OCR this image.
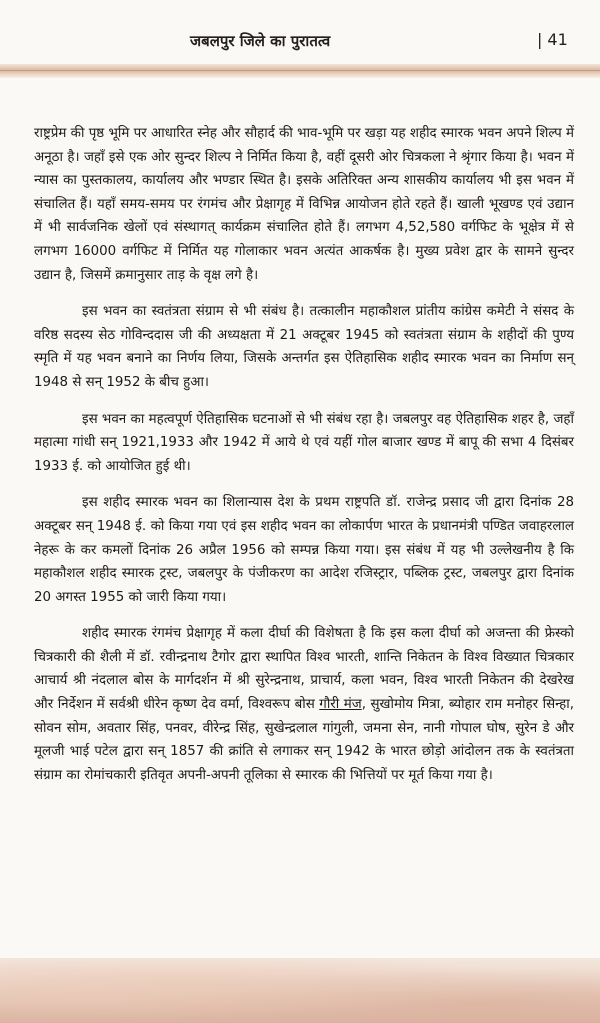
जबलपुर जिले का पुरातत्व	| 41

राष्ट्रप्रेम की पृष्ठ भूमि पर आधारित स्नेह और सौहार्द की भाव-भूमि पर खड़ा यह शहीद स्मारक भवन अपने शिल्प में अनूठा है। जहाँ इसे एक ओर सुन्दर शिल्प ने निर्मित किया है, वहीं दूसरी ओर चित्रकला ने श्रृंगार किया है। भवन में न्यास का पुस्तकालय, कार्यालय और भण्डार स्थित है। इसके अतिरिक्त अन्य शासकीय कार्यालय भी इस भवन में संचालित हैं। यहाँ समय-समय पर रंगमंच और प्रेक्षागृह में विभिन्न आयोजन होते रहते हैं। खाली भूखण्ड एवं उद्यान में भी सार्वजनिक खेलों एवं संस्थागत् कार्यक्रम संचालित होते हैं। लगभग 4,52,580 वर्गफिट के भूक्षेत्र में से लगभग 16000 वर्गफिट में निर्मित यह गोलाकार भवन अत्यंत आकर्षक है। मुख्य प्रवेश द्वार के सामने सुन्दर उद्यान है, जिसमें क्रमानुसार ताड़ के वृक्ष लगे है।

इस भवन का स्वतंत्रता संग्राम से भी संबंध है। तत्कालीन महाकौशल प्रांतीय कांग्रेस कमेटी ने संसद के वरिष्ठ सदस्य सेठ गोविन्ददास जी की अध्यक्षता में 21 अक्टूबर 1945 को स्वतंत्रता संग्राम के शहीदों की पुण्य स्मृति में यह भवन बनाने का निर्णय लिया, जिसके अन्तर्गत इस ऐतिहासिक शहीद स्मारक भवन का निर्माण सन् 1948 से सन् 1952 के बीच हुआ।

इस भवन का महत्वपूर्ण ऐतिहासिक घटनाओं से भी संबंध रहा है। जबलपुर वह ऐतिहासिक शहर है, जहाँ महात्मा गांधी सन् 1921,1933 और 1942 में आये थे एवं यहीं गोल बाजार खण्ड में बापू की सभा 4 दिसंबर 1933 ई. को आयोजित हुई थी।

इस शहीद स्मारक भवन का शिलान्यास देश के प्रथम राष्ट्रपति डॉ. राजेन्द्र प्रसाद जी द्वारा दिनांक 28 अक्टूबर सन् 1948 ई. को किया गया एवं इस शहीद भवन का लोकार्पण भारत के प्रधानमंत्री पण्डित जवाहरलाल नेहरू के कर कमलों दिनांक 26 अप्रैल 1956 को सम्पन्न किया गया। इस संबंध में यह भी उल्लेखनीय है कि महाकौशल शहीद स्मारक ट्रस्ट, जबलपुर के पंजीकरण का आदेश रजिस्ट्रार, पब्लिक ट्रस्ट, जबलपुर द्वारा दिनांक 20 अगस्त 1955 को जारी किया गया।

शहीद स्मारक रंगमंच प्रेक्षागृह में कला दीर्घा की विशेषता है कि इस कला दीर्घा को अजन्ता की फ्रेस्को चित्रकारी की शैली में डॉ. रवीन्द्रनाथ टैगोर द्वारा स्थापित विश्व भारती, शान्ति निकेतन के विश्व विख्यात चित्रकार आचार्य श्री नंदलाल बोस के मार्गदर्शन में श्री सुरेन्द्रनाथ, प्राचार्य, कला भवन, विश्व भारती निकेतन की देखरेख और निर्देशन में सर्वश्री धीरेन कृष्ण देव वर्मा, विश्वरूप बोस गौरी मंज, सुखोमोय मित्रा, ब्योहार राम मनोहर सिन्हा, सोवन सोम, अवतार सिंह, पनवर, वीरेन्द्र सिंह, सुखेन्द्रलाल गांगुली, जमना सेन, नानी गोपाल घोष, सुरेन डे और मूलजी भाई पटेल द्वारा सन् 1857 की क्रांति से लगाकर सन् 1942 के भारत छोड़ो आंदोलन तक के स्वतंत्रता संग्राम का रोमांचकारी इतिवृत अपनी-अपनी तूलिका से स्मारक की भित्तियों पर मूर्त किया गया है।
